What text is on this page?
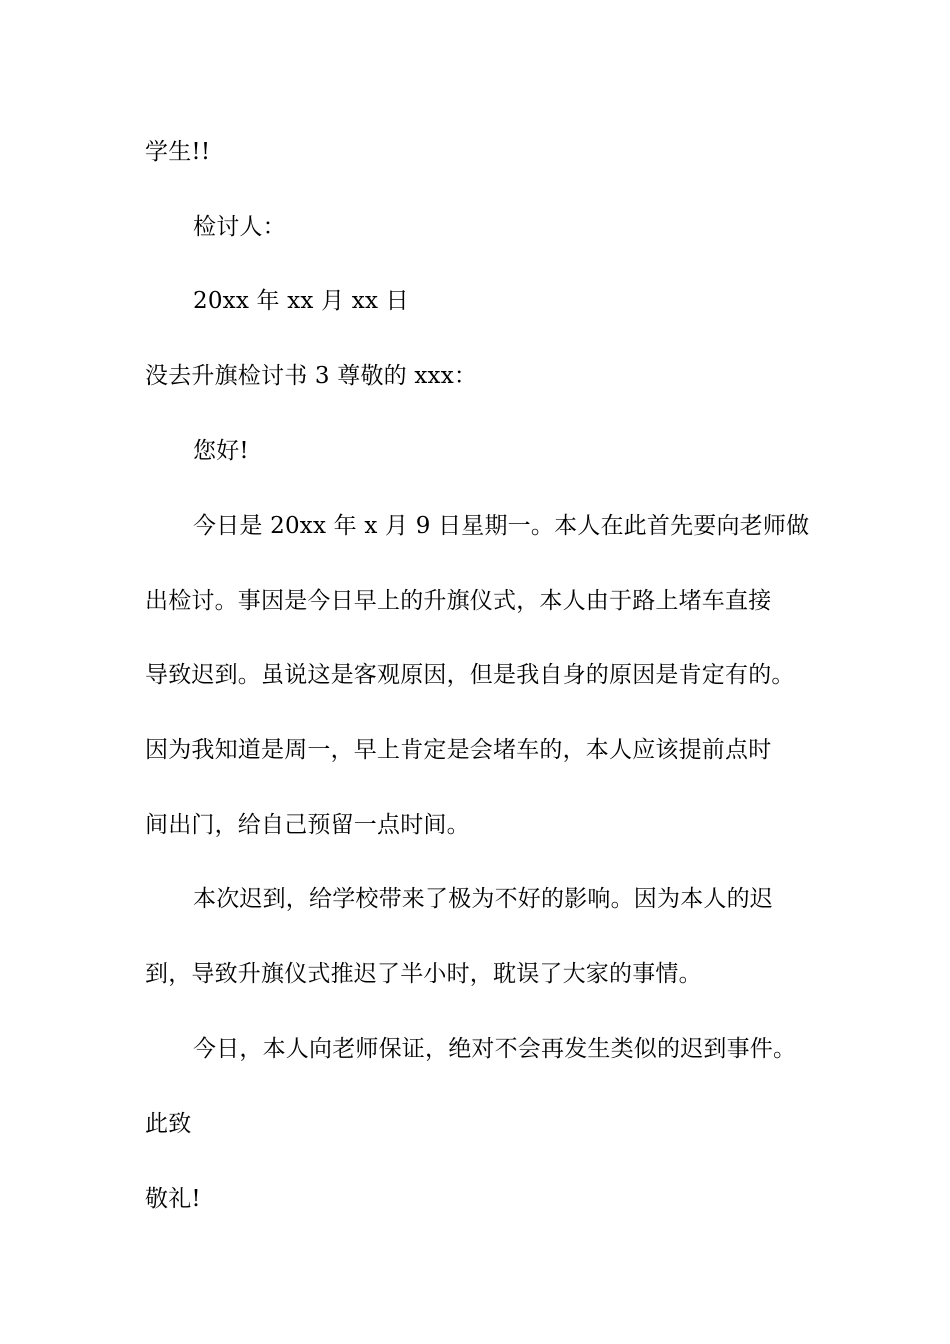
学生!!
检讨人：
20xx 年 xx 月 xx 日
没去升旗检讨书 3 尊敬的 xxx：
您好!
今日是 20xx 年 x 月 9 日星期一。本人在此首先要向老师做
出检讨。事因是今日早上的升旗仪式，本人由于路上堵车直接
导致迟到。虽说这是客观原因，但是我自身的原因是肯定有的。
因为我知道是周一，早上肯定是会堵车的，本人应该提前点时
间出门，给自己预留一点时间。
本次迟到，给学校带来了极为不好的影响。因为本人的迟
到，导致升旗仪式推迟了半小时，耽误了大家的事情。
今日，本人向老师保证，绝对不会再发生类似的迟到事件。
此致
敬礼!
